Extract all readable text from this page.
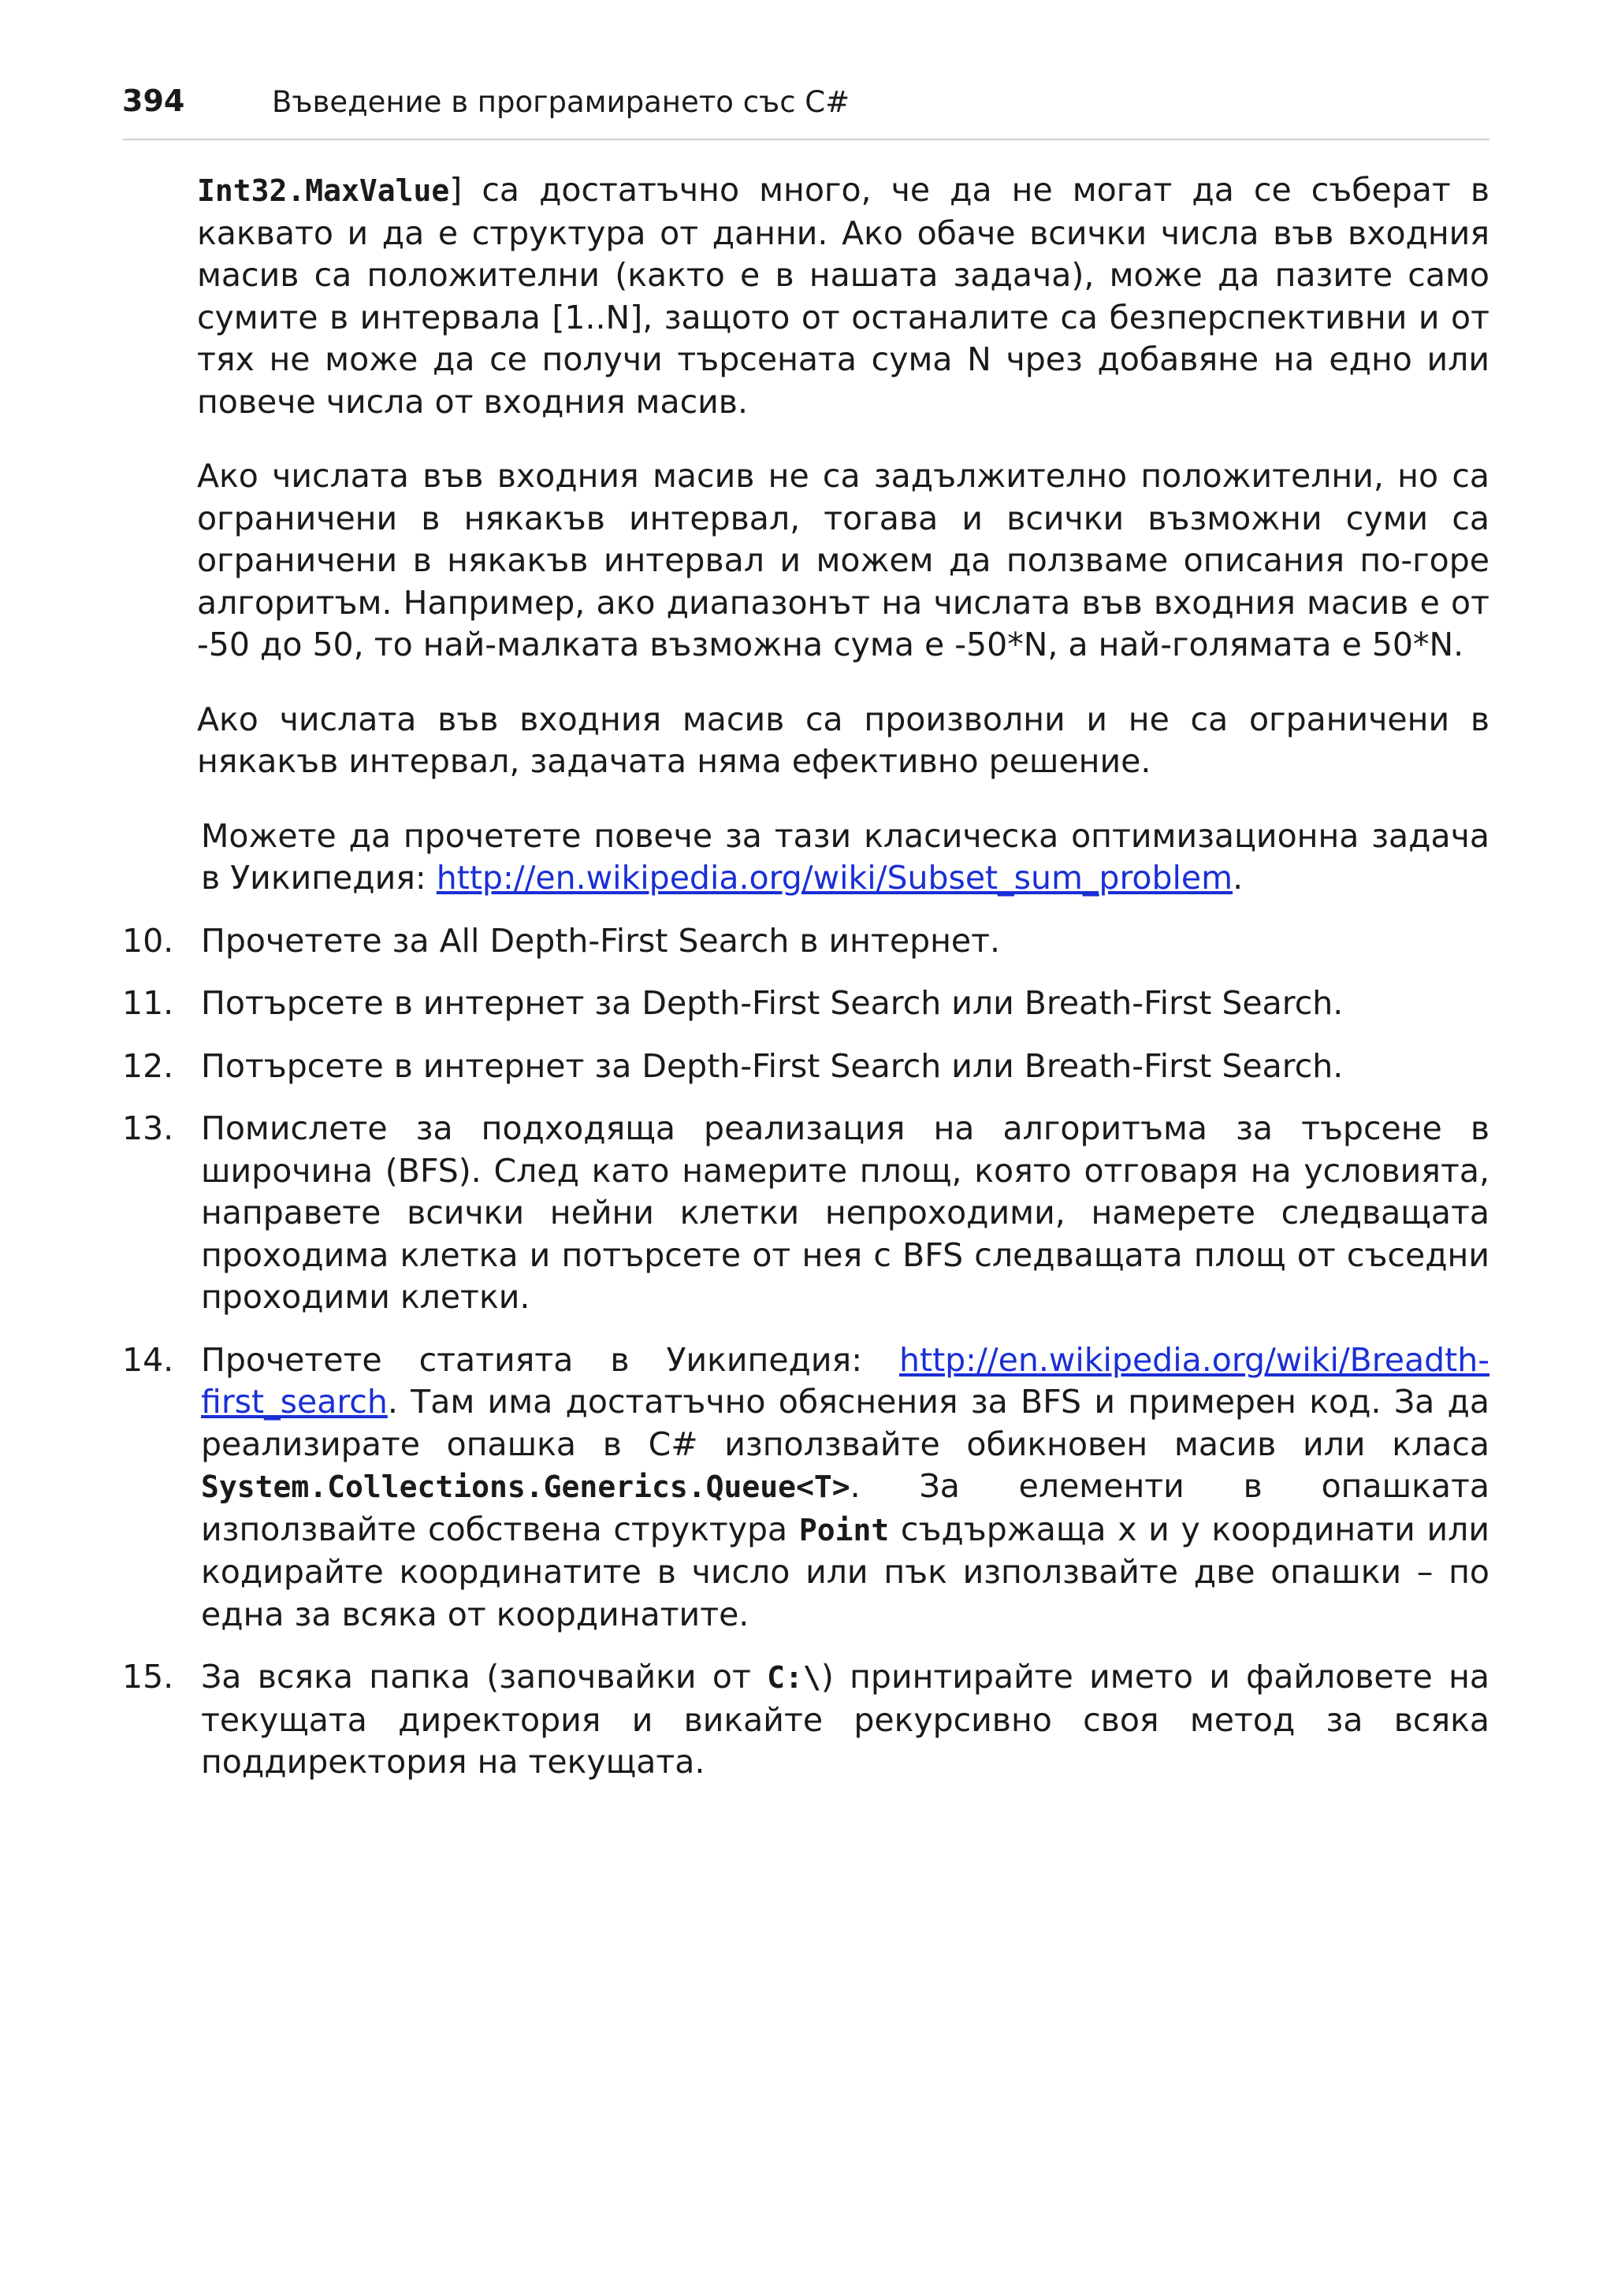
394	Въведение в програмирането със C#

Int32.MaxValue] са достатъчно много, че да не могат да се съберат в каквато и да е структура от данни. Ако обаче всички числа във входния масив са положителни (както е в нашата задача), може да пазите само сумите в интервала [1..N], защото от останалите са безперспективни и от тях не може да се получи търсената сума N чрез добавяне на едно или повече числа от входния масив.

Ако числата във входния масив не са задължително положителни, но са ограничени в някакъв интервал, тогава и всички възможни суми са ограничени в някакъв интервал и можем да ползваме описания по-горе алгоритъм. Например, ако диапазонът на числата във входния масив е от -50 до 50, то най-малката възможна сума е -50*N, а най-голямата е 50*N.

Ако числата във входния масив са произволни и не са ограничени в някакъв интервал, задачата няма ефективно решение.

Можете да прочетете повече за тази класическа оптимизационна задача в Уикипедия: http://en.wikipedia.org/wiki/Subset_sum_problem.

10. Прочетете за All Depth-First Search в интернет.
11. Потърсете в интернет за Depth-First Search или Breath-First Search.
12. Потърсете в интернет за Depth-First Search или Breath-First Search.
13. Помислете за подходяща реализация на алгоритъма за търсене в широчина (BFS). След като намерите площ, която отговаря на условията, направете всички нейни клетки непроходими, намерете следващата проходима клетка и потърсете от нея с BFS следващата площ от съседни проходими клетки.
14. Прочетете статията в Уикипедия: http://en.wikipedia.org/wiki/Breadth-first_search. Там има достатъчно обяснения за BFS и примерен код. За да реализирате опашка в C# използвайте обикновен масив или класа System.Collections.Generics.Queue<T>. За елементи в опашката използвайте собствена структура Point съдържаща x и y координати или кодирайте координатите в число или пък използвайте две опашки – по една за всяка от координатите.
15. За всяка папка (започвайки от C:\) принтирайте името и файловете на текущата директория и викайте рекурсивно своя метод за всяка поддиректория на текущата.
